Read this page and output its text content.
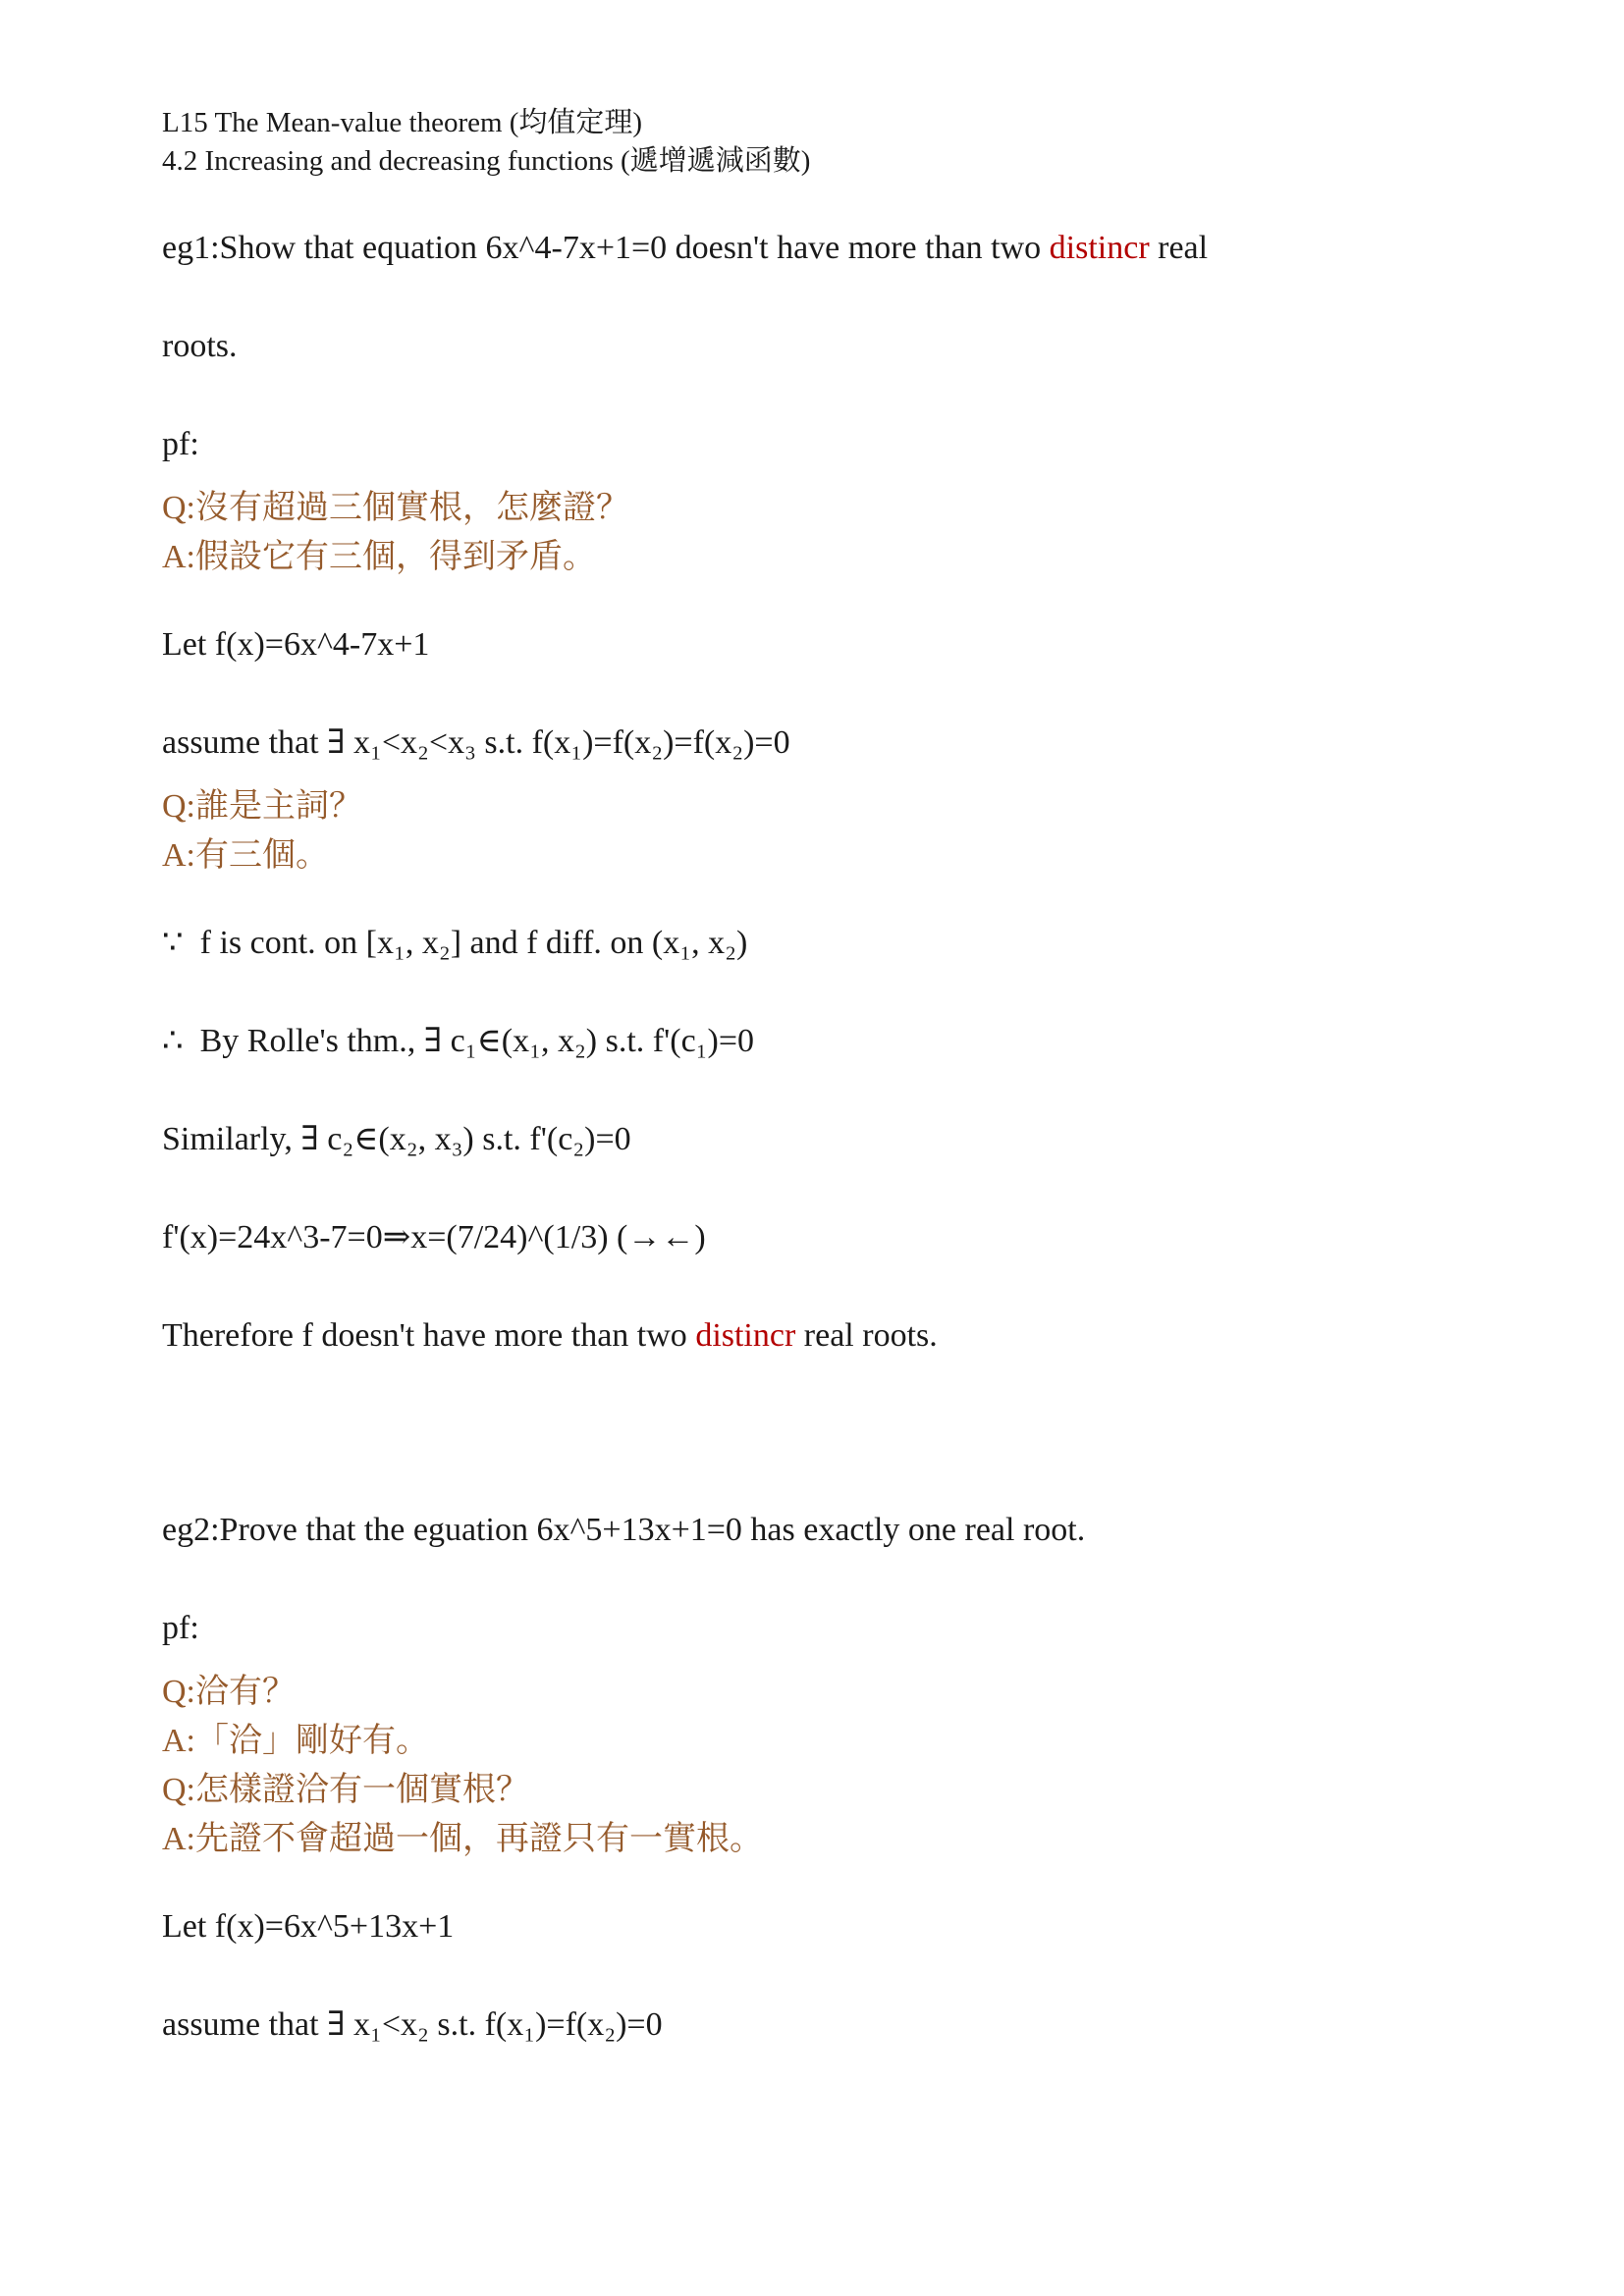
L15 The Mean-value theorem (均值定理)
4.2 Increasing and decreasing functions (遞增遞減函數)

eg1:Show that equation 6x^4-7x+1=0 doesn't have more than two distincr real

roots.

pf:

Q:沒有超過三個實根，怎麼證？
A:假設它有三個，得到矛盾。

Let f(x)=6x^4-7x+1

assume that ∃ x₁<x₂<x₃ s.t. f(x₁)=f(x₂)=f(x₂)=0

Q:誰是主詞？
A:有三個。

∵  f is cont. on [x₁, x₂] and f diff. on (x₁, x₂)

∴  By Rolle's thm., ∃ c₁∈(x₁, x₂) s.t. f'(c₁)=0

Similarly, ∃ c₂∈(x₂, x₃) s.t. f'(c₂)=0

f'(x)=24x^3-7=0⇒x=(7/24)^(1/3) (→←)

Therefore f doesn't have more than two distincr real roots.

eg2:Prove that the eguation 6x^5+13x+1=0 has exactly one real root.

pf:

Q:洽有？
A:「洽」剛好有。
Q:怎樣證洽有一個實根？
A:先證不會超過一個，再證只有一實根。

Let f(x)=6x^5+13x+1

assume that ∃ x₁<x₂ s.t. f(x₁)=f(x₂)=0
